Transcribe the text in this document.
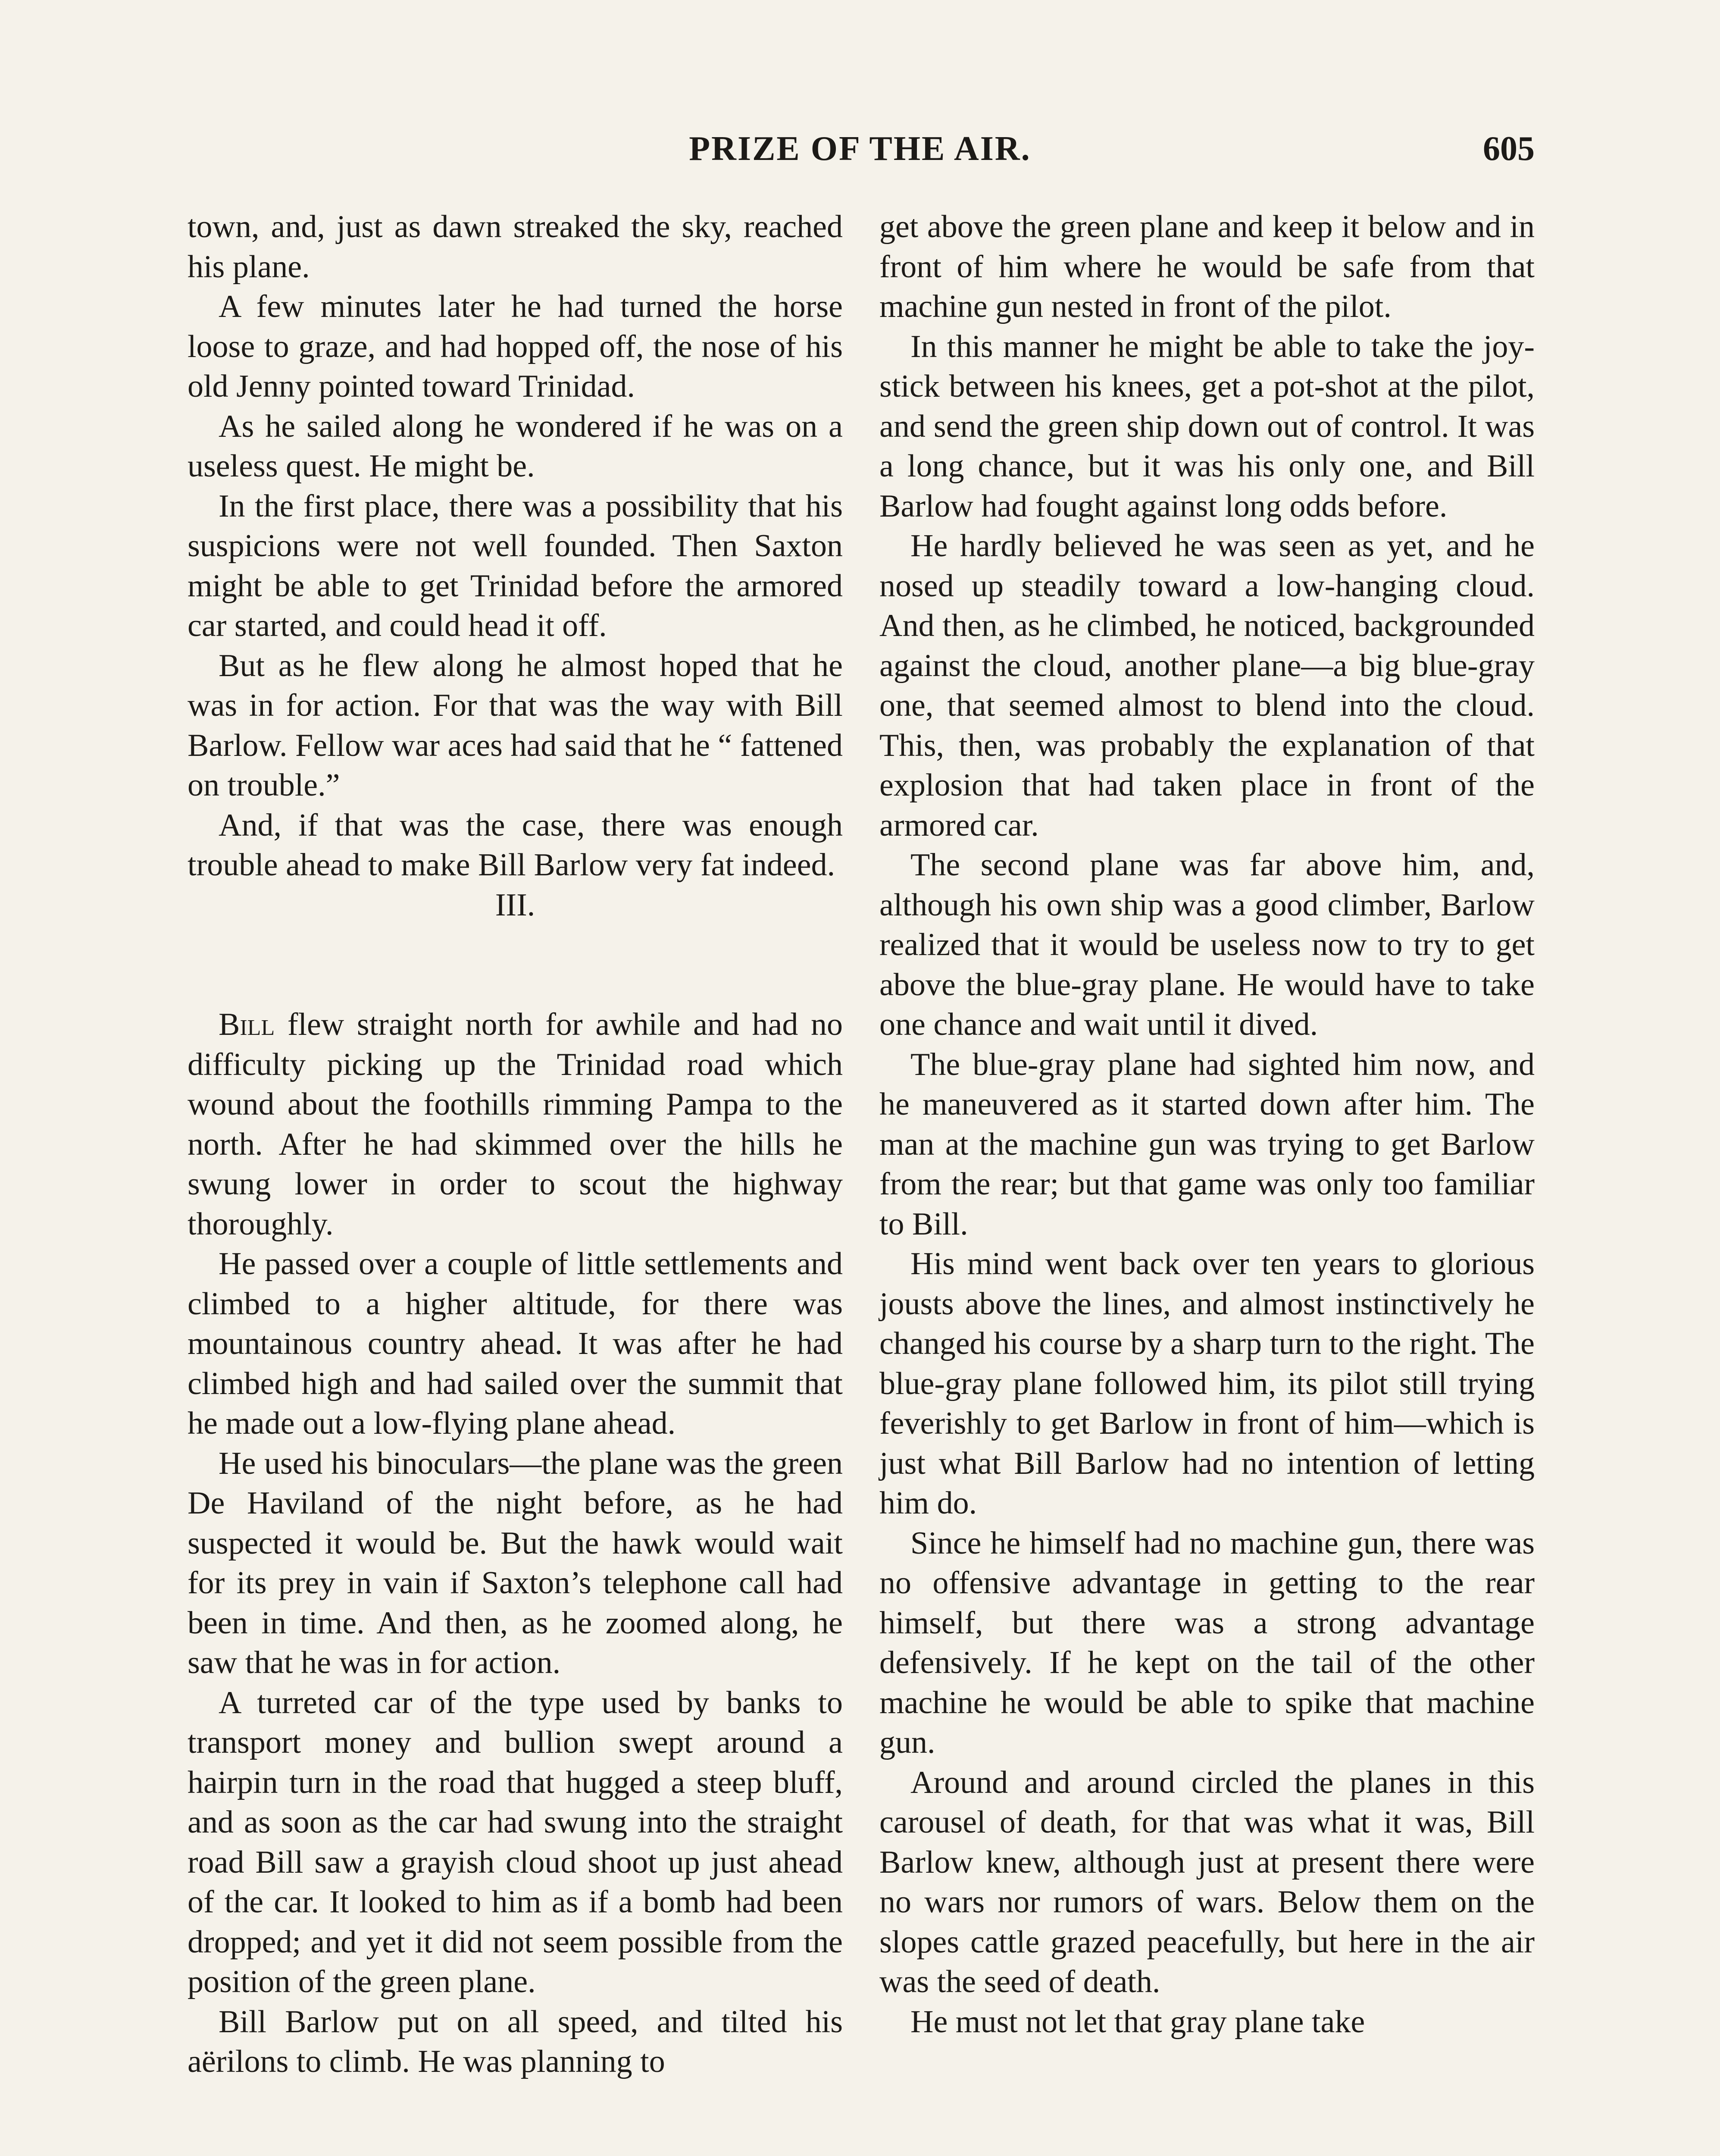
PRIZE OF THE AIR.	605

town, and, just as dawn streaked the sky, reached his plane.

A few minutes later he had turned the horse loose to graze, and had hopped off, the nose of his old Jenny pointed toward Trinidad.

As he sailed along he wondered if he was on a useless quest. He might be.

In the first place, there was a possibility that his suspicions were not well founded. Then Saxton might be able to get Trinidad before the armored car started, and could head it off.

But as he flew along he almost hoped that he was in for action. For that was the way with Bill Barlow. Fellow war aces had said that he “ fattened on trouble.”

And, if that was the case, there was enough trouble ahead to make Bill Barlow very fat indeed.

III.

Bill flew straight north for awhile and had no difficulty picking up the Trinidad road which wound about the foothills rimming Pampa to the north. After he had skimmed over the hills he swung lower in order to scout the highway thoroughly.

He passed over a couple of little settlements and climbed to a higher altitude, for there was mountainous country ahead. It was after he had climbed high and had sailed over the summit that he made out a low-flying plane ahead.

He used his binoculars—the plane was the green De Haviland of the night before, as he had suspected it would be. But the hawk would wait for its prey in vain if Saxton’s telephone call had been in time. And then, as he zoomed along, he saw that he was in for action.

A turreted car of the type used by banks to transport money and bullion swept around a hairpin turn in the road that hugged a steep bluff, and as soon as the car had swung into the straight road Bill saw a grayish cloud shoot up just ahead of the car. It looked to him as if a bomb had been dropped; and yet it did not seem possible from the position of the green plane.

Bill Barlow put on all speed, and tilted his aërilons to climb. He was planning to

get above the green plane and keep it below and in front of him where he would be safe from that machine gun nested in front of the pilot.

In this manner he might be able to take the joy-stick between his knees, get a pot-shot at the pilot, and send the green ship down out of control. It was a long chance, but it was his only one, and Bill Barlow had fought against long odds before.

He hardly believed he was seen as yet, and he nosed up steadily toward a low-hanging cloud. And then, as he climbed, he noticed, backgrounded against the cloud, another plane—a big blue-gray one, that seemed almost to blend into the cloud. This, then, was probably the explanation of that explosion that had taken place in front of the armored car.

The second plane was far above him, and, although his own ship was a good climber, Barlow realized that it would be useless now to try to get above the blue-gray plane. He would have to take one chance and wait until it dived.

The blue-gray plane had sighted him now, and he maneuvered as it started down after him. The man at the machine gun was trying to get Barlow from the rear; but that game was only too familiar to Bill.

His mind went back over ten years to glorious jousts above the lines, and almost instinctively he changed his course by a sharp turn to the right. The blue-gray plane followed him, its pilot still trying feverishly to get Barlow in front of him—which is just what Bill Barlow had no intention of letting him do.

Since he himself had no machine gun, there was no offensive advantage in getting to the rear himself, but there was a strong advantage defensively. If he kept on the tail of the other machine he would be able to spike that machine gun.

Around and around circled the planes in this carousel of death, for that was what it was, Bill Barlow knew, although just at present there were no wars nor rumors of wars. Below them on the slopes cattle grazed peacefully, but here in the air was the seed of death.

He must not let that gray plane take
